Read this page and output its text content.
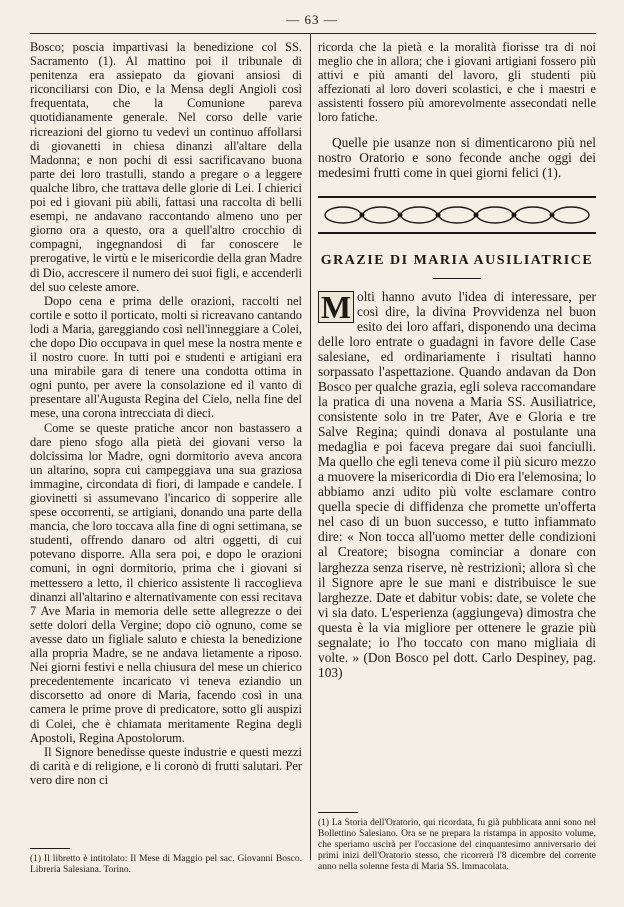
— 63 —

Bosco; poscia impartivasi la benedizione col SS. Sacramento (1). Al mattino poi il tribunale di penitenza era assiepato da giovani ansiosi di riconciliarsi con Dio, e la Mensa degli Angioli così frequentata, che la Comunione pareva quotidianamente generale. Nel corso delle varie ricreazioni del giorno tu vedevi un continuo affollarsi di giovanetti in chiesa dinanzi all'altare della Madonna; e non pochi di essi sacrificavano buona parte dei loro trastulli, stando a pregare o a leggere qualche libro, che trattava delle glorie di Lei. I chierici poi ed i giovani più abili, fattasi una raccolta di belli esempi, ne andavano raccontando almeno uno per giorno ora a questo, ora a quell'altro crocchio di compagni, ingegnandosi di far conoscere le prerogative, le virtù e le misericordie della gran Madre di Dio, accrescere il numero dei suoi figli, e accenderli del suo celeste amore.

Dopo cena e prima delle orazioni, raccolti nel cortile e sotto il porticato, molti si ricreavano cantando lodi a Maria, gareggiando così nell'inneggiare a Colei, che dopo Dio occupava in quel mese la nostra mente e il nostro cuore. In tutti poi e studenti e artigiani era una mirabile gara di tenere una condotta ottima in ogni punto, per avere la consolazione ed il vanto di presentare all'Augusta Regina del Cielo, nella fine del mese, una corona intrecciata di dieci.

Come se queste pratiche ancor non bastassero a dare pieno sfogo alla pietà dei giovani verso la dolcissima lor Madre, ogni dormitorio aveva ancora un altarino, sopra cui campeggiava una sua graziosa immagine, circondata di fiori, di lampade e candele. I giovinetti si assumevano l'incarico di sopperire alle spese occorrenti, se artigiani, donando una parte della mancia, che loro toccava alla fine di ogni settimana, se studenti, offrendo danaro od altri oggetti, di cui potevano disporre. Alla sera poi, e dopo le orazioni comuni, in ogni dormitorio, prima che i giovani si mettessero a letto, il chierico assistente li raccoglieva dinanzi all'altarino e alternativamente con essi recitava 7 Ave Maria in memoria delle sette allegrezze o dei sette dolori della Vergine; dopo ciò ognuno, come se avesse dato un figliale saluto e chiesta la benedizione alla propria Madre, se ne andava lietamente a riposo. Nei giorni festivi e nella chiusura del mese un chierico precedentemente incaricato vi teneva eziandio un discorsetto ad onore di Maria, facendo così in una camera le prime prove di predicatore, sotto gli auspizi di Colei, che è chiamata meritamente Regina degli Apostoli, Regina Apostolorum.

Il Signore benedisse queste industrie e questi mezzi di carità e di religione, e li coronò di frutti salutari. Per vero dire non ci

(1) Il libretto è intitolato: Il Mese di Maggio pel sac. Giovanni Bosco. Libreria Salesiana. Torino.

ricorda che la pietà e la moralità fiorisse tra di noi meglio che in allora; che i giovani artigiani fossero più attivi e più amanti del lavoro, gli studenti più affezionati al loro doveri scolastici, e che i maestri e assistenti fossero più amorevolmente assecondati nelle loro fatiche.

Quelle pie usanze non si dimenticarono più nel nostro Oratorio e sono feconde anche oggi dei medesimi frutti come in quei giorni felici (1).

GRAZIE DI MARIA AUSILIATRICE
M olti hanno avuto l'idea di interessare, per così dire, la divina Provvidenza nel buon esito dei loro affari, disponendo una decima delle loro entrate o guadagni in favore delle Case salesiane, ed ordinariamente i risultati hanno sorpassato l'aspettazione. Quando andavan da Don Bosco per qualche grazia, egli soleva raccomandare la pratica di una novena a Maria SS. Ausiliatrice, consistente solo in tre Pater, Ave e Gloria e tre Salve Regina; quindi donava al postulante una medaglia e poi faceva pregare dai suoi fanciulli. Ma quello che egli teneva come il più sicuro mezzo a muovere la misericordia di Dio era l'elemosina; lo abbiamo anzi udito più volte esclamare contro quella specie di diffidenza che promette un'offerta nel caso di un buon successo, e tutto infiammato dire: « Non tocca all'uomo metter delle condizioni al Creatore; bisogna cominciar a donare con larghezza senza riserve, nè restrizioni; allora sì che il Signore apre le sue mani e distribuisce le sue larghezze. Date et dabitur vobis: date, se volete che vi sia dato. L'esperienza (aggiungeva) dimostra che questa è la via migliore per ottenere le grazie più segnalate; io l'ho toccato con mano migliaia di volte. » (Don Bosco pel dott. Carlo Despiney, pag. 103)
(1) La Storia dell'Oratorio, qui ricordata, fu già pubblicata anni sono nel Bollettino Salesiano. Ora se ne prepara la ristampa in apposito volume, che speriamo uscirà per l'occasione del cinquantesimo anniversario dei primi inizi dell'Oratorio stesso, che ricorrerà l'8 dicembre del corrente anno nella solenne festa di Maria SS. Immacolata.
